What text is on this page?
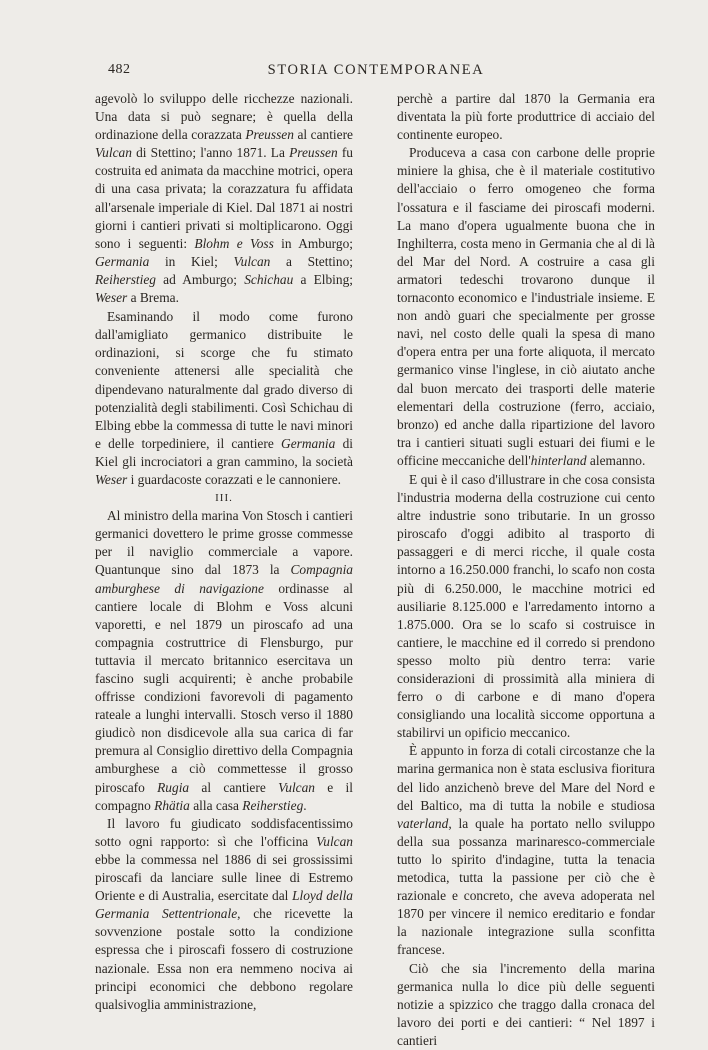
482	STORIA CONTEMPORANEA

agevolò lo sviluppo delle ricchezze nazionali. Una data si può segnare; è quella della ordinazione della corazzata Preussen al cantiere Vulcan di Stettino; l'anno 1871. La Preussen fu costruita ed animata da macchine motrici, opera di una casa privata; la corazzatura fu affidata all'arsenale imperiale di Kiel. Dal 1871 ai nostri giorni i cantieri privati si moltiplicarono. Oggi sono i seguenti: Blohm e Voss in Amburgo; Germania in Kiel; Vulcan a Stettino; Reiherstieg ad Amburgo; Schichau a Elbing; Weser a Brema.

Esaminando il modo come furono dall'amigliato germanico distribuite le ordinazioni, si scorge che fu stimato conveniente attenersi alle specialità che dipendevano naturalmente dal grado diverso di potenzialità degli stabilimenti. Così Schichau di Elbing ebbe la commessa di tutte le navi minori e delle torpediniere, il cantiere Germania di Kiel gli incrociatori a gran cammino, la società Weser i guardacoste corazzati e le cannoniere.

III.

Al ministro della marina Von Stosch i cantieri germanici dovettero le prime grosse commesse per il naviglio commerciale a vapore. Quantunque sino dal 1873 la Compagnia amburghese di navigazione ordinasse al cantiere locale di Blohm e Voss alcuni vaporetti, e nel 1879 un piroscafo ad una compagnia costruttrice di Flensburgo, pur tuttavia il mercato britannico esercitava un fascino sugli acquirenti; è anche probabile offrisse condizioni favorevoli di pagamento rateale a lunghi intervalli. Stosch verso il 1880 giudicò non disdicevole alla sua carica di far premura al Consiglio direttivo della Compagnia amburghese a ciò commettesse il grosso piroscafo Rugia al cantiere Vulcan e il compagno Rhätia alla casa Reiherstieg.

Il lavoro fu giudicato soddisfacentissimo sotto ogni rapporto: sì che l'officina Vulcan ebbe la commessa nel 1886 di sei grossissimi piroscafi da lanciare sulle linee di Estremo Oriente e di Australia, esercitate dal Lloyd della Germania Settentrionale, che ricevette la sovvenzione postale sotto la condizione espressa che i piroscafi fossero di costruzione nazionale. Essa non era nemmeno nociva ai principi economici che debbono regolare qualsivoglia amministrazione,

perchè a partire dal 1870 la Germania era diventata la più forte produttrice di acciaio del continente europeo.

Produceva a casa con carbone delle proprie miniere la ghisa, che è il materiale costitutivo dell'acciaio o ferro omogeneo che forma l'ossatura e il fasciame dei piroscafi moderni. La mano d'opera ugualmente buona che in Inghilterra, costa meno in Germania che al di là del Mar del Nord. A costruire a casa gli armatori tedeschi trovarono dunque il tornaconto economico e l'industriale insieme. E non andò guari che specialmente per grosse navi, nel costo delle quali la spesa di mano d'opera entra per una forte aliquota, il mercato germanico vinse l'inglese, in ciò aiutato anche dal buon mercato dei trasporti delle materie elementari della costruzione (ferro, acciaio, bronzo) ed anche dalla ripartizione del lavoro tra i cantieri situati sugli estuari dei fiumi e le officine meccaniche dell'hinterland alemanno.

E qui è il caso d'illustrare in che cosa consista l'industria moderna della costruzione cui cento altre industrie sono tributarie. In un grosso piroscafo d'oggi adibito al trasporto di passaggeri e di merci ricche, il quale costa intorno a 16.250.000 franchi, lo scafo non costa più di 6.250.000, le macchine motrici ed ausiliarie 8.125.000 e l'arredamento intorno a 1.875.000. Ora se lo scafo si costruisce in cantiere, le macchine ed il corredo si prendono spesso molto più dentro terra: varie considerazioni di prossimità alla miniera di ferro o di carbone e di mano d'opera consigliando una località siccome opportuna a stabilirvi un opificio meccanico.

È appunto in forza di cotali circostanze che la marina germanica non è stata esclusiva fioritura del lido anzichenò breve del Mare del Nord e del Baltico, ma di tutta la nobile e studiosa vaterland, la quale ha portato nello sviluppo della sua possanza marinaresco-commerciale tutto lo spirito d'indagine, tutta la tenacia metodica, tutta la passione per ciò che è razionale e concreto, che aveva adoperata nel 1870 per vincere il nemico ereditario e fondar la nazionale integrazione sulla sconfitta francese.

Ciò che sia l'incremento della marina germanica nulla lo dice più delle seguenti notizie a spizzico che traggo dalla cronaca del lavoro dei porti e dei cantieri: “ Nel 1897 i cantieri
